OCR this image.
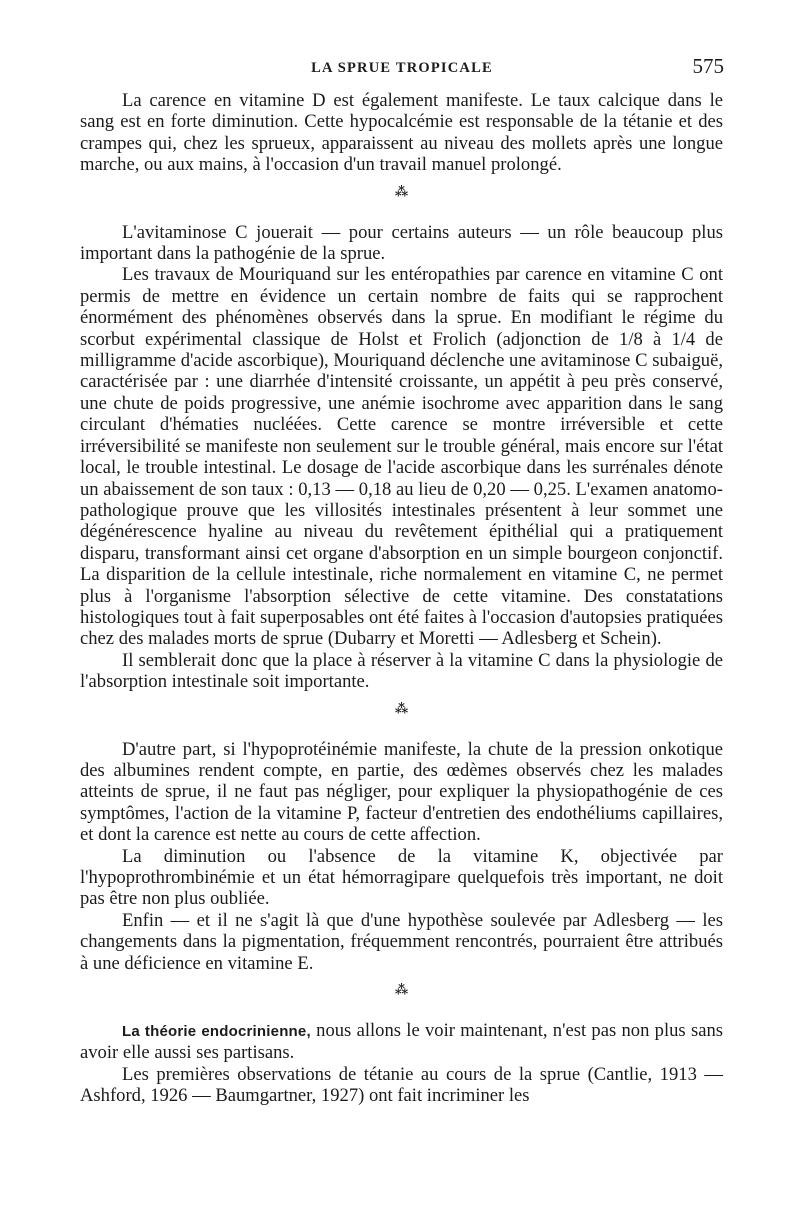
LA SPRUE TROPICALE	575

La carence en vitamine D est également manifeste. Le taux calcique dans le sang est en forte diminution. Cette hypocalcémie est responsable de la tétanie et des crampes qui, chez les sprueux, apparaissent au niveau des mollets après une longue marche, ou aux mains, à l'occasion d'un travail manuel prolongé.

⁂

L'avitaminose C jouerait — pour certains auteurs — un rôle beaucoup plus important dans la pathogénie de la sprue.

Les travaux de Mouriquand sur les entéropathies par carence en vitamine C ont permis de mettre en évidence un certain nombre de faits qui se rapprochent énormément des phénomènes observés dans la sprue. En modifiant le régime du scorbut expérimental classique de Holst et Frolich (adjonction de 1/8 à 1/4 de milligramme d'acide ascorbique), Mouriquand déclenche une avitaminose C subaiguë, caractérisée par : une diarrhée d'intensité croissante, un appétit à peu près conservé, une chute de poids progressive, une anémie isochrome avec apparition dans le sang circulant d'hématies nucléées. Cette carence se montre irréversible et cette irréversibilité se manifeste non seulement sur le trouble général, mais encore sur l'état local, le trouble intestinal. Le dosage de l'acide ascorbique dans les surrénales dénote un abaissement de son taux : 0,13 — 0,18 au lieu de 0,20 — 0,25. L'examen anatomo-pathologique prouve que les villosités intestinales présentent à leur sommet une dégénérescence hyaline au niveau du revêtement épithélial qui a pratiquement disparu, transformant ainsi cet organe d'absorption en un simple bourgeon conjonctif. La disparition de la cellule intestinale, riche normalement en vitamine C, ne permet plus à l'organisme l'absorption sélective de cette vitamine. Des constatations histologiques tout à fait superposables ont été faites à l'occasion d'autopsies pratiquées chez des malades morts de sprue (Dubarry et Moretti — Adlesberg et Schein).

Il semblerait donc que la place à réserver à la vitamine C dans la physiologie de l'absorption intestinale soit importante.

⁂

D'autre part, si l'hypoprotéinémie manifeste, la chute de la pression onkotique des albumines rendent compte, en partie, des œdèmes observés chez les malades atteints de sprue, il ne faut pas négliger, pour expliquer la physiopathogénie de ces symptômes, l'action de la vitamine P, facteur d'entretien des endothéliums capillaires, et dont la carence est nette au cours de cette affection.

La diminution ou l'absence de la vitamine K, objectivée par l'hypoprothrombinémie et un état hémorragipare quelquefois très important, ne doit pas être non plus oubliée.

Enfin — et il ne s'agit là que d'une hypothèse soulevée par Adlesberg — les changements dans la pigmentation, fréquemment rencontrés, pourraient être attribués à une déficience en vitamine E.

⁂

La théorie endocrinienne, nous allons le voir maintenant, n'est pas non plus sans avoir elle aussi ses partisans.

Les premières observations de tétanie au cours de la sprue (Cantlie, 1913 — Ashford, 1926 — Baumgartner, 1927) ont fait incriminer les
